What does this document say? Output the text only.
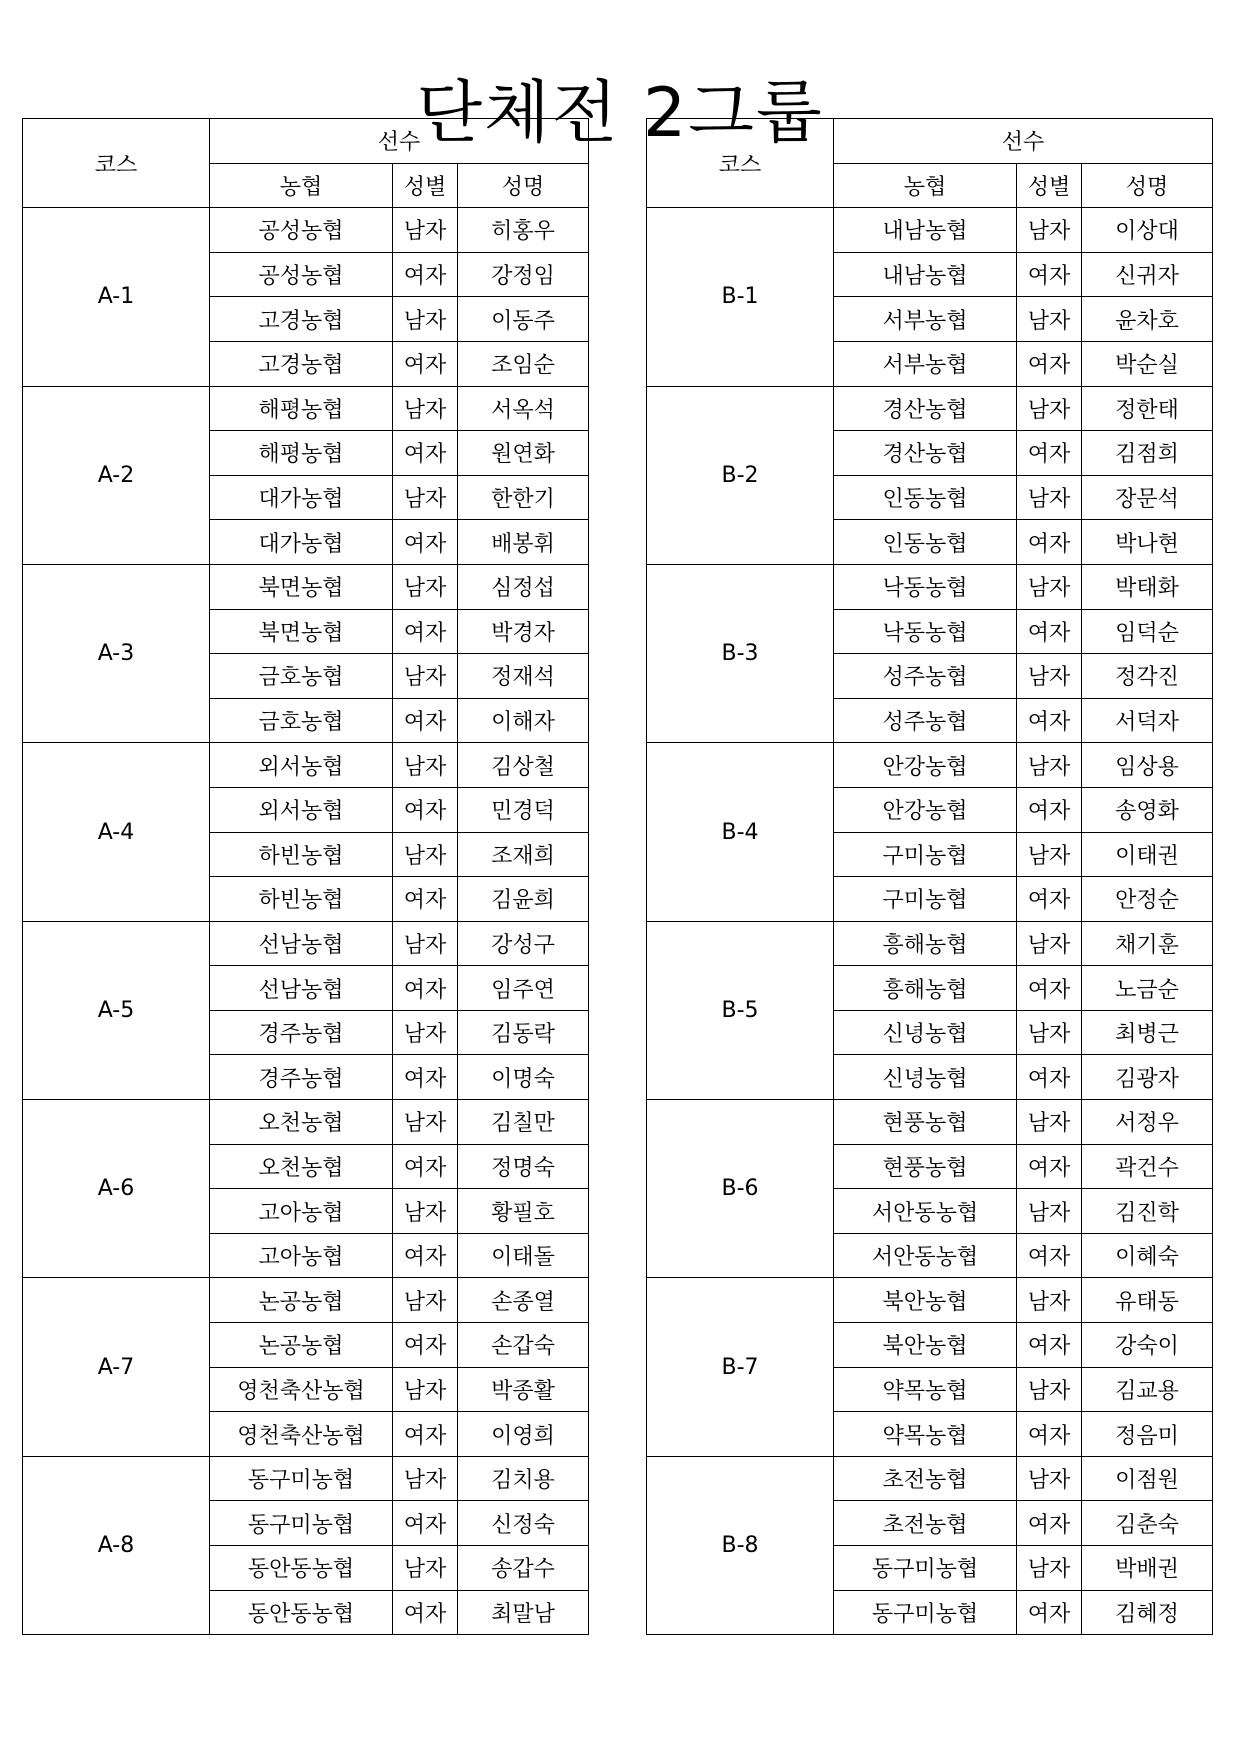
단체전 2그룹
코스	선수		
	농협	성별	성명
A-1	공성농협	남자	히홍우
	공성농협	여자	강정임
	고경농협	남자	이동주
	고경농협	여자	조임순
A-2	해평농협	남자	서옥석
	해평농협	여자	원연화
	대가농협	남자	한한기
	대가농협	여자	배봉휘
A-3	북면농협	남자	심정섭
	북면농협	여자	박경자
	금호농협	남자	정재석
	금호농협	여자	이해자
A-4	외서농협	남자	김상철
	외서농협	여자	민경덕
	하빈농협	남자	조재희
	하빈농협	여자	김윤희
A-5	선남농협	남자	강성구
	선남농협	여자	임주연
	경주농협	남자	김동락
	경주농협	여자	이명숙
A-6	오천농협	남자	김칠만
	오천농협	여자	정명숙
	고아농협	남자	황필호
	고아농협	여자	이태돌
A-7	논공농협	남자	손종열
	논공농협	여자	손갑숙
	영천축산농협	남자	박종활
	영천축산농협	여자	이영희
A-8	동구미농협	남자	김치용
	동구미농협	여자	신정숙
	동안동농협	남자	송갑수
	동안동농협	여자	최말남
코스	선수		
	농협	성별	성명
B-1	내남농협	남자	이상대
	내남농협	여자	신귀자
	서부농협	남자	윤차호
	서부농협	여자	박순실
B-2	경산농협	남자	정한태
	경산농협	여자	김점희
	인동농협	남자	장문석
	인동농협	여자	박나현
B-3	낙동농협	남자	박태화
	낙동농협	여자	임덕순
	성주농협	남자	정각진
	성주농협	여자	서덕자
B-4	안강농협	남자	임상용
	안강농협	여자	송영화
	구미농협	남자	이태권
	구미농협	여자	안정순
B-5	흥해농협	남자	채기훈
	흥해농협	여자	노금순
	신녕농협	남자	최병근
	신녕농협	여자	김광자
B-6	현풍농협	남자	서정우
	현풍농협	여자	곽건수
	서안동농협	남자	김진학
	서안동농협	여자	이혜숙
B-7	북안농협	남자	유태동
	북안농협	여자	강숙이
	약목농협	남자	김교용
	약목농협	여자	정음미
B-8	초전농협	남자	이점원
	초전농협	여자	김춘숙
	동구미농협	남자	박배권
	동구미농협	여자	김혜정
